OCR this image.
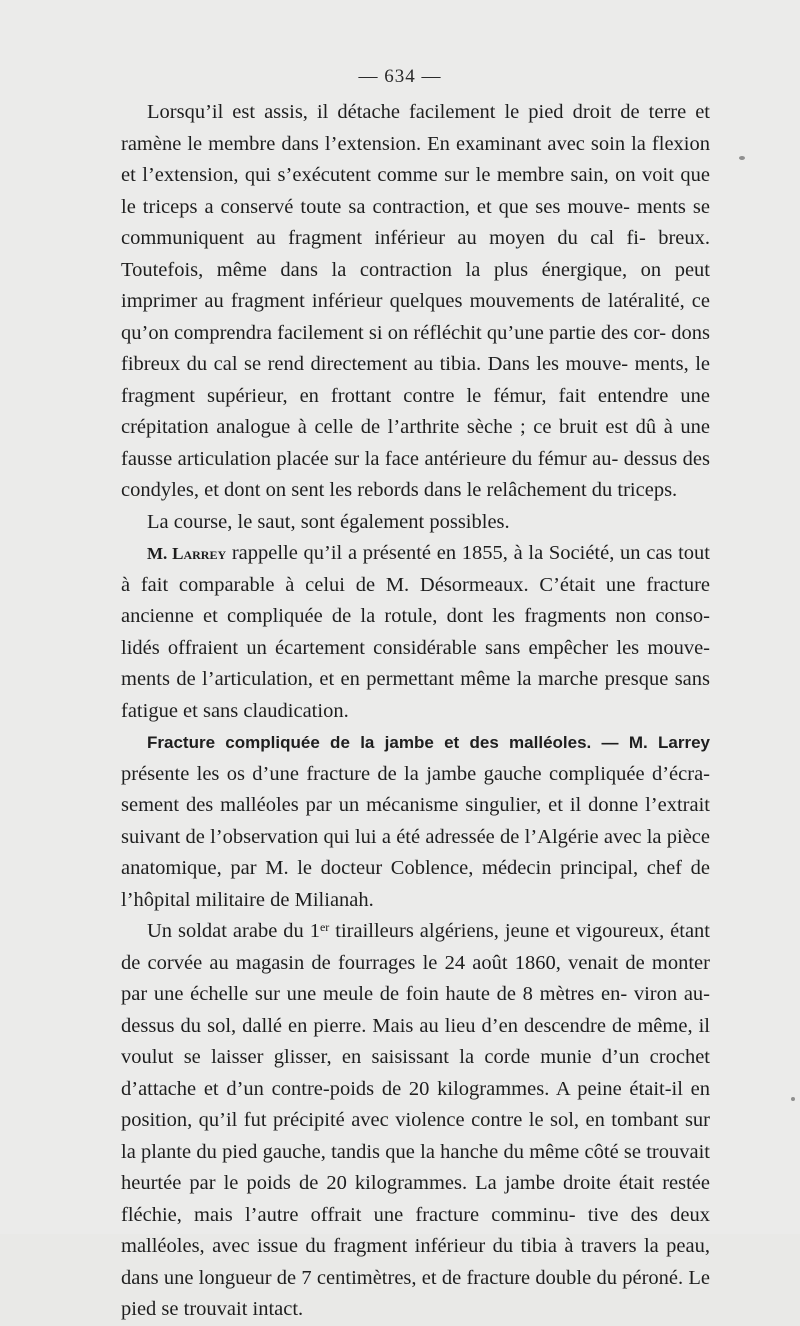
— 634 —

Lorsqu’il est assis, il détache facilement le pied droit de terre et ramène le membre dans l’extension. En examinant avec soin la flexion et l’extension, qui s’exécutent comme sur le membre sain, on voit que le triceps a conservé toute sa contraction, et que ses mouve- ments se communiquent au fragment inférieur au moyen du cal fi- breux. Toutefois, même dans la contraction la plus énergique, on peut imprimer au fragment inférieur quelques mouvements de latéralité, ce qu’on comprendra facilement si on réfléchit qu’une partie des cor- dons fibreux du cal se rend directement au tibia. Dans les mouve- ments, le fragment supérieur, en frottant contre le fémur, fait entendre une crépitation analogue à celle de l’arthrite sèche ; ce bruit est dû à une fausse articulation placée sur la face antérieure du fémur au- dessus des condyles, et dont on sent les rebords dans le relâchement du triceps.

La course, le saut, sont également possibles.

M. Larrey rappelle qu’il a présenté en 1855, à la Société, un cas tout à fait comparable à celui de M. Désormeaux. C’était une fracture ancienne et compliquée de la rotule, dont les fragments non conso- lidés offraient un écartement considérable sans empêcher les mouve- ments de l’articulation, et en permettant même la marche presque sans fatigue et sans claudication.

Fracture compliquée de la jambe et des malléoles. — M. Larrey présente les os d’une fracture de la jambe gauche compliquée d’écra- sement des malléoles par un mécanisme singulier, et il donne l’extrait suivant de l’observation qui lui a été adressée de l’Algérie avec la pièce anatomique, par M. le docteur Coblence, médecin principal, chef de l’hôpital militaire de Milianah.

Un soldat arabe du 1er tirailleurs algériens, jeune et vigoureux, étant de corvée au magasin de fourrages le 24 août 1860, venait de monter par une échelle sur une meule de foin haute de 8 mètres en- viron au-dessus du sol, dallé en pierre. Mais au lieu d’en descendre de même, il voulut se laisser glisser, en saisissant la corde munie d’un crochet d’attache et d’un contre-poids de 20 kilogrammes. A peine était-il en position, qu’il fut précipité avec violence contre le sol, en tombant sur la plante du pied gauche, tandis que la hanche du même côté se trouvait heurtée par le poids de 20 kilogrammes. La jambe droite était restée fléchie, mais l’autre offrait une fracture comminu- tive des deux malléoles, avec issue du fragment inférieur du tibia à travers la peau, dans une longueur de 7 centimètres, et de fracture double du péroné. Le pied se trouvait intact.
